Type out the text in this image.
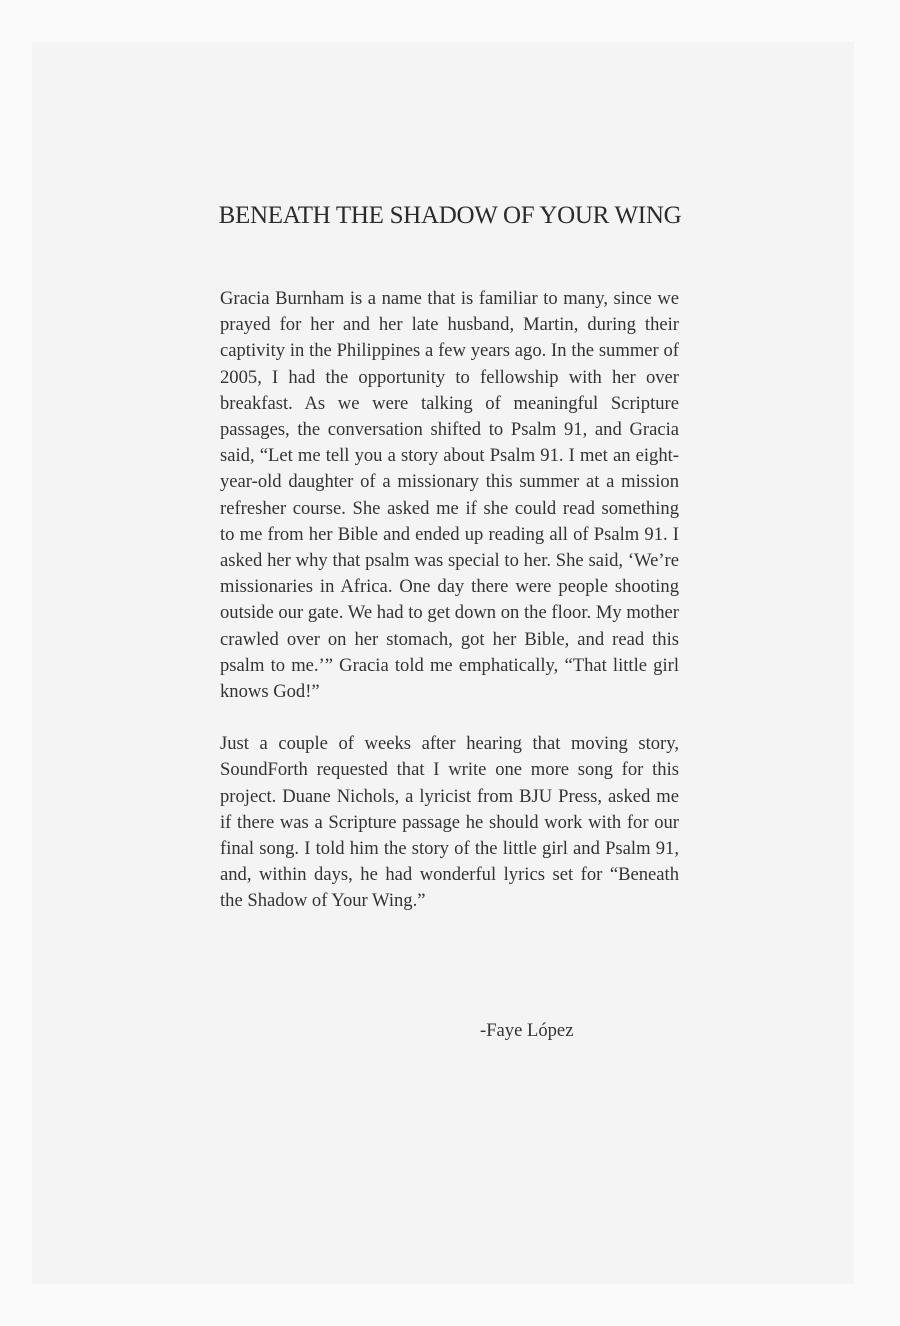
BENEATH THE SHADOW OF YOUR WING

Gracia Burnham is a name that is familiar to many, since we prayed for her and her late husband, Martin, during their captivity in the Philippines a few years ago. In the summer of 2005, I had the opportunity to fellowship with her over breakfast. As we were talking of meaningful Scripture passages, the conversation shifted to Psalm 91, and Gracia said, “Let me tell you a story about Psalm 91. I met an eight-year-old daughter of a missionary this summer at a mission refresher course. She asked me if she could read something to me from her Bible and ended up reading all of Psalm 91. I asked her why that psalm was special to her. She said, ‘We’re missionaries in Africa. One day there were people shooting outside our gate. We had to get down on the floor. My mother crawled over on her stomach, got her Bible, and read this psalm to me.’” Gracia told me emphatically, “That little girl knows God!”

Just a couple of weeks after hearing that moving story, SoundForth requested that I write one more song for this project. Duane Nichols, a lyricist from BJU Press, asked me if there was a Scripture passage he should work with for our final song. I told him the story of the little girl and Psalm 91, and, within days, he had wonderful lyrics set for “Beneath the Shadow of Your Wing.”

-Faye López
